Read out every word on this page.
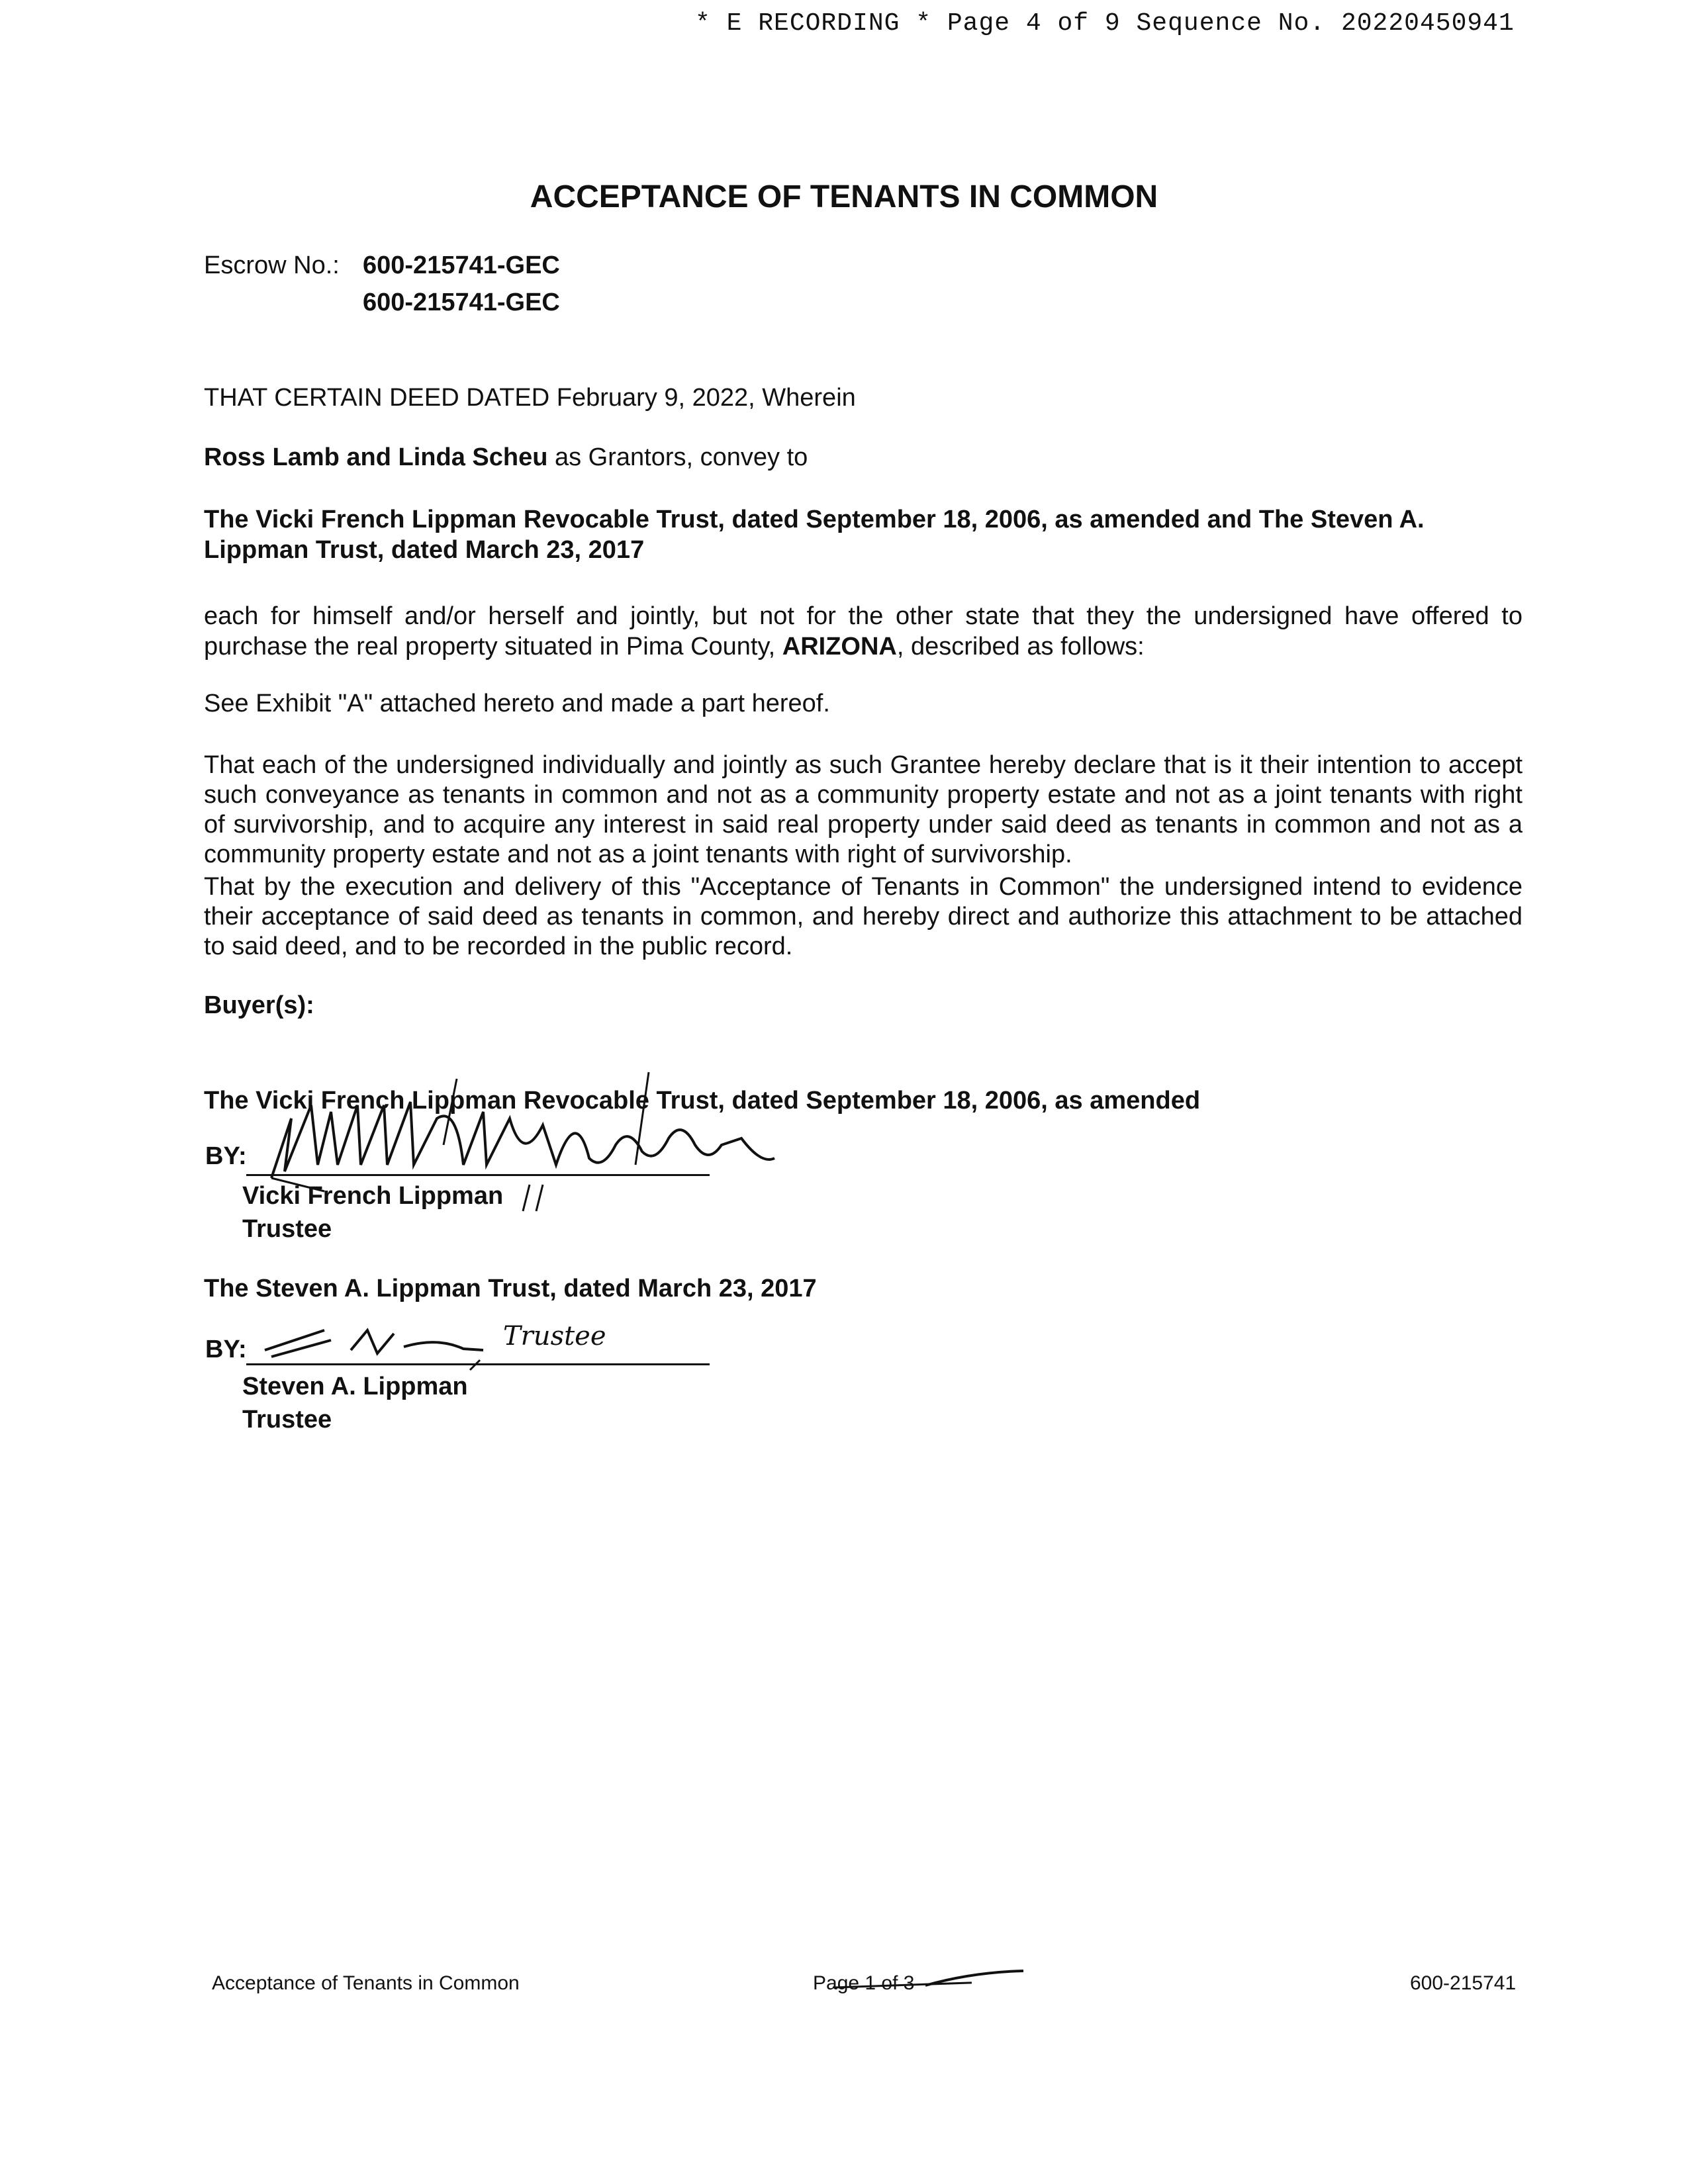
* E RECORDING * Page 4 of 9 Sequence No. 20220450941
ACCEPTANCE OF TENANTS IN COMMON
Escrow No.: 600-215741-GEC
600-215741-GEC
THAT CERTAIN DEED DATED February 9, 2022, Wherein
Ross Lamb and Linda Scheu as Grantors, convey to
The Vicki French Lippman Revocable Trust, dated September 18, 2006, as amended and The Steven A. Lippman Trust, dated March 23, 2017
each for himself and/or herself and jointly, but not for the other state that they the undersigned have offered to purchase the real property situated in Pima County, ARIZONA, described as follows:
See Exhibit "A" attached hereto and made a part hereof.
That each of the undersigned individually and jointly as such Grantee hereby declare that is it their intention to accept such conveyance as tenants in common and not as a community property estate and not as a joint tenants with right of survivorship, and to acquire any interest in said real property under said deed as tenants in common and not as a community property estate and not as a joint tenants with right of survivorship.
That by the execution and delivery of this "Acceptance of Tenants in Common" the undersigned intend to evidence their acceptance of said deed as tenants in common, and hereby direct and authorize this attachment to be attached to said deed, and to be recorded in the public record.
Buyer(s):
The Vicki French Lippman Revocable Trust, dated September 18, 2006, as amended
BY:
Vicki French Lippman
Trustee
The Steven A. Lippman Trust, dated March 23, 2017
BY:	Trustee
Steven A. Lippman
Trustee
Acceptance of Tenants in Common	Page 1 of 3	600-215741
